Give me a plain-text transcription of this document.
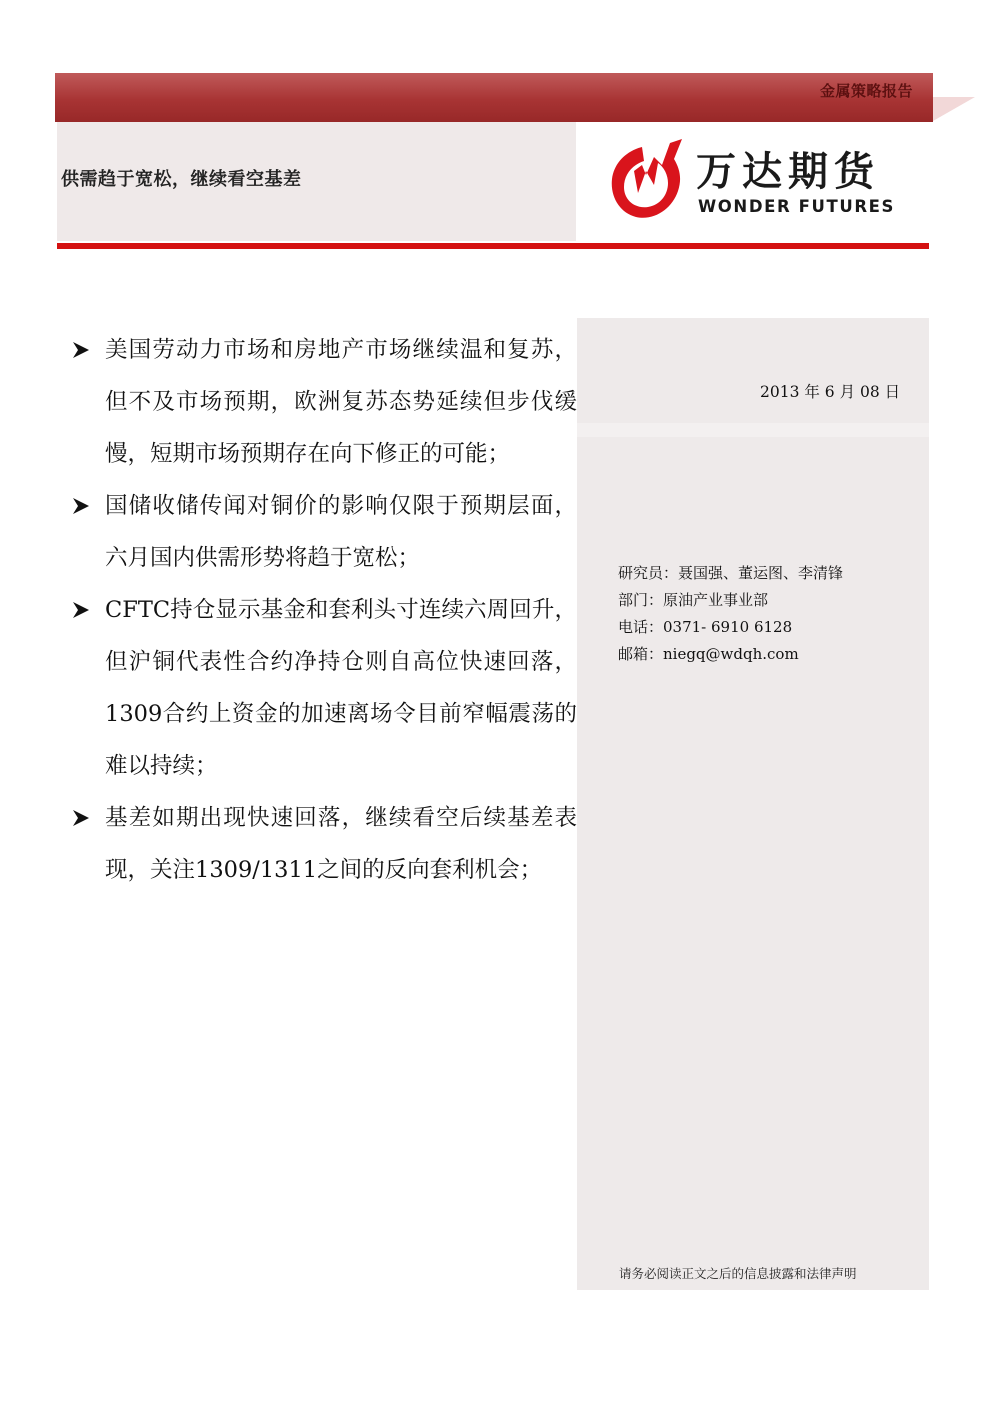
金属策略报告
供需趋于宽松，继续看空基差	万达期货
WONDER FUTURES
2013 年 6 月 08 日
研究员：聂国强、董运图、李清锋
部门：原油产业事业部
电话：0371- 6910 6128
邮箱：niegq@wdqh.com
请务必阅读正文之后的信息披露和法律声明
美国劳动力市场和房地产市场继续温和复苏，但不及市场预期，欧洲复苏态势延续但步伐缓慢，短期市场预期存在向下修正的可能；
国储收储传闻对铜价的影响仅限于预期层面，六月国内供需形势将趋于宽松；
CFTC持仓显示基金和套利头寸连续六周回升，但沪铜代表性合约净持仓则自高位快速回落，1309合约上资金的加速离场令目前窄幅震荡的难以持续；
基差如期出现快速回落，继续看空后续基差表现，关注1309/1311之间的反向套利机会；
